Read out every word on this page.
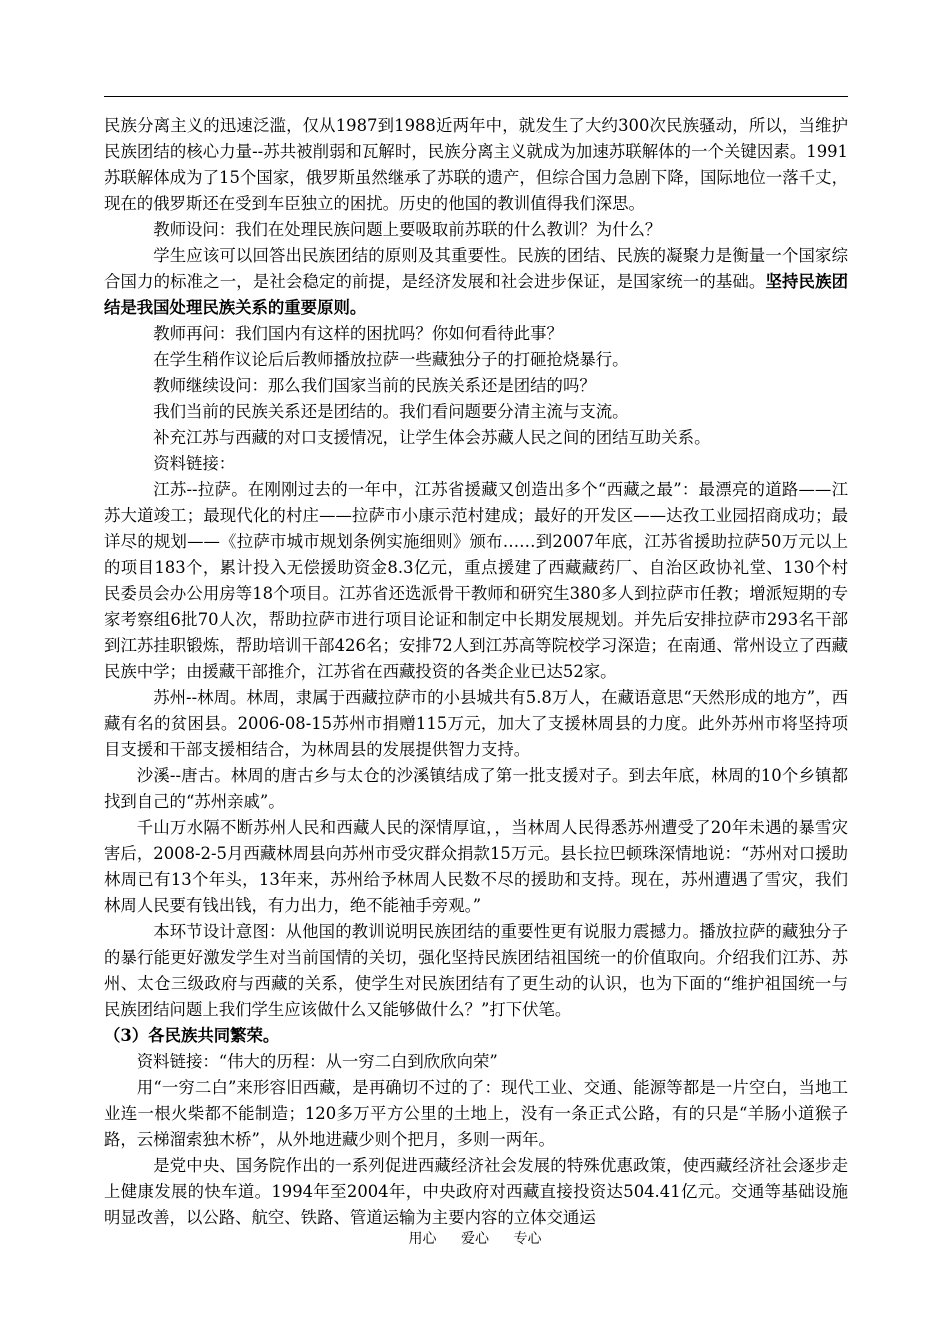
民族分离主义的迅速泛滥，仅从1987到1988近两年中，就发生了大约300次民族骚动，所以，当维护民族团结的核心力量--苏共被削弱和瓦解时，民族分离主义就成为加速苏联解体的一个关键因素。1991苏联解体成为了15个国家，俄罗斯虽然继承了苏联的遗产，但综合国力急剧下降，国际地位一落千丈，现在的俄罗斯还在受到车臣独立的困扰。历史的他国的教训值得我们深思。

教师设问：我们在处理民族问题上要吸取前苏联的什么教训？为什么？

学生应该可以回答出民族团结的原则及其重要性。民族的团结、民族的凝聚力是衡量一个国家综合国力的标准之一，是社会稳定的前提，是经济发展和社会进步保证，是国家统一的基础。坚持民族团结是我国处理民族关系的重要原则。

教师再问：我们国内有这样的困扰吗？你如何看待此事？

在学生稍作议论后后教师播放拉萨一些藏独分子的打砸抢烧暴行。

教师继续设问：那么我们国家当前的民族关系还是团结的吗？

我们当前的民族关系还是团结的。我们看问题要分清主流与支流。

补充江苏与西藏的对口支援情况，让学生体会苏藏人民之间的团结互助关系。

资料链接：

江苏--拉萨。在刚刚过去的一年中，江苏省援藏又创造出多个“西藏之最”：最漂亮的道路——江苏大道竣工；最现代化的村庄——拉萨市小康示范村建成；最好的开发区——达孜工业园招商成功；最详尽的规划——《拉萨市城市规划条例实施细则》颁布……到2007年底，江苏省援助拉萨50万元以上的项目183个，累计投入无偿援助资金8.3亿元，重点援建了西藏藏药厂、自治区政协礼堂、130个村民委员会办公用房等18个项目。江苏省还选派骨干教师和研究生380多人到拉萨市任教；增派短期的专家考察组6批70人次，帮助拉萨市进行项目论证和制定中长期发展规划。并先后安排拉萨市293名干部到江苏挂职锻炼，帮助培训干部426名；安排72人到江苏高等院校学习深造；在南通、常州设立了西藏民族中学；由援藏干部推介，江苏省在西藏投资的各类企业已达52家。

苏州--林周。林周，隶属于西藏拉萨市的小县城共有5.8万人，在藏语意思“天然形成的地方”，西藏有名的贫困县。2006-08-15苏州市捐赠115万元，加大了支援林周县的力度。此外苏州市将坚持项目支援和干部支援相结合，为林周县的发展提供智力支持。

沙溪--唐古。林周的唐古乡与太仓的沙溪镇结成了第一批支援对子。到去年底，林周的10个乡镇都找到自己的“苏州亲戚”。

千山万水隔不断苏州人民和西藏人民的深情厚谊，，当林周人民得悉苏州遭受了20年未遇的暴雪灾害后，2008-2-5月西藏林周县向苏州市受灾群众捐款15万元。县长拉巴顿珠深情地说：“苏州对口援助林周已有13个年头，13年来，苏州给予林周人民数不尽的援助和支持。现在，苏州遭遇了雪灾，我们林周人民要有钱出钱，有力出力，绝不能袖手旁观。”

本环节设计意图：从他国的教训说明民族团结的重要性更有说服力震撼力。播放拉萨的藏独分子的暴行能更好激发学生对当前国情的关切，强化坚持民族团结祖国统一的价值取向。介绍我们江苏、苏州、太仓三级政府与西藏的关系，使学生对民族团结有了更生动的认识，也为下面的“维护祖国统一与民族团结问题上我们学生应该做什么又能够做什么？”打下伏笔。

（3）各民族共同繁荣。

资料链接：“伟大的历程：从一穷二白到欣欣向荣”

用“一穷二白”来形容旧西藏，是再确切不过的了：现代工业、交通、能源等都是一片空白，当地工业连一根火柴都不能制造；120多万平方公里的土地上，没有一条正式公路，有的只是“羊肠小道猴子路，云梯溜索独木桥”，从外地进藏少则个把月，多则一两年。

是党中央、国务院作出的一系列促进西藏经济社会发展的特殊优惠政策，使西藏经济社会逐步走上健康发展的快车道。1994年至2004年，中央政府对西藏直接投资达504.41亿元。交通等基础设施明显改善，以公路、航空、铁路、管道运输为主要内容的立体交通运

用心 爱心 专心
